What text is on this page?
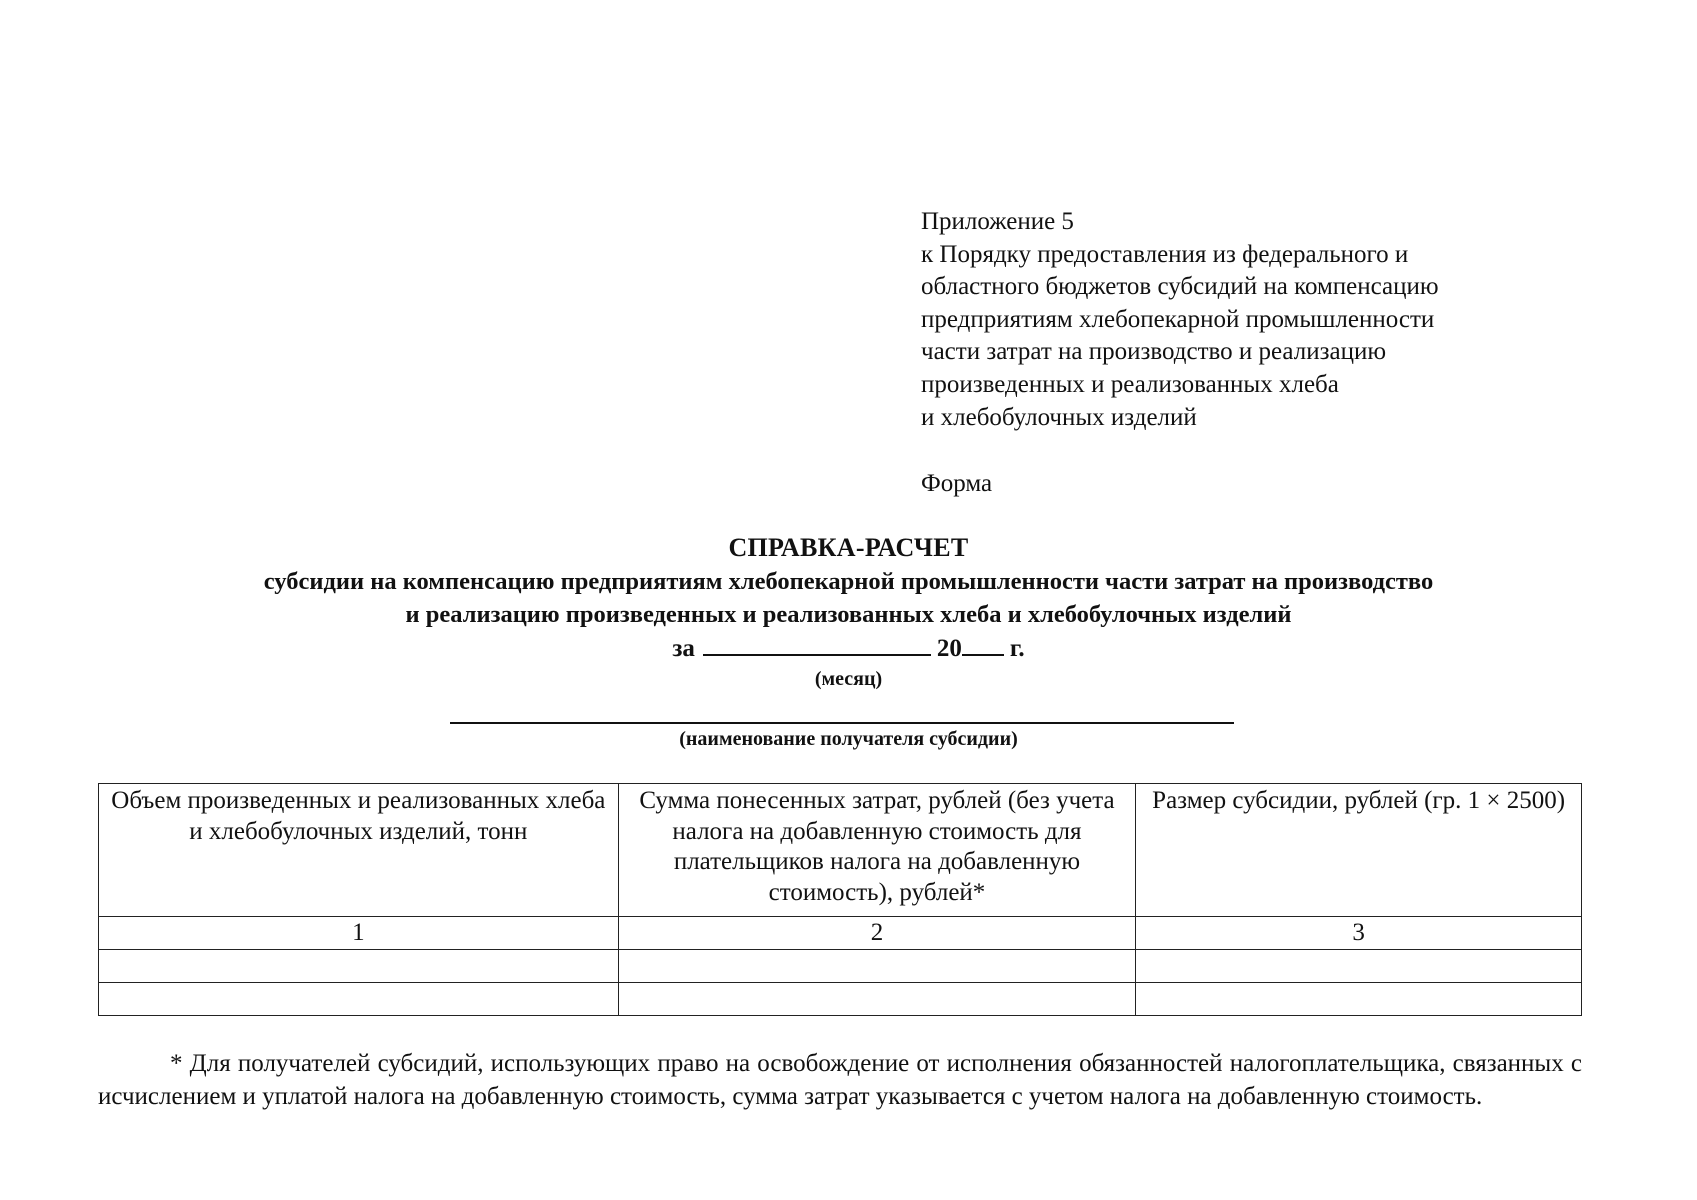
Приложение 5
к Порядку предоставления из федерального и
областного бюджетов субсидий на компенсацию
предприятиям хлебопекарной промышленности
части затрат на производство и реализацию
произведенных и реализованных хлеба
и хлебобулочных изделий
Форма
СПРАВКА-РАСЧЕТ
субсидии на компенсацию предприятиям хлебопекарной промышленности части затрат на производство
и реализацию произведенных и реализованных хлеба и хлебобулочных изделий
за	20 г.
(месяц)
(наименование получателя субсидии)
Объем произведенных и реализованных хлеба и хлебобулочных изделий, тонн	Сумма понесенных затрат, рублей (без учета налога на добавленную стоимость для плательщиков налога на добавленную стоимость), рублей*	Размер субсидии, рублей (гр. 1 × 2500)
1	2	3

* Для получателей субсидий, использующих право на освобождение от исполнения обязанностей налогоплательщика, связанных с исчислением и уплатой налога на добавленную стоимость, сумма затрат указывается с учетом налога на добавленную стоимость.
